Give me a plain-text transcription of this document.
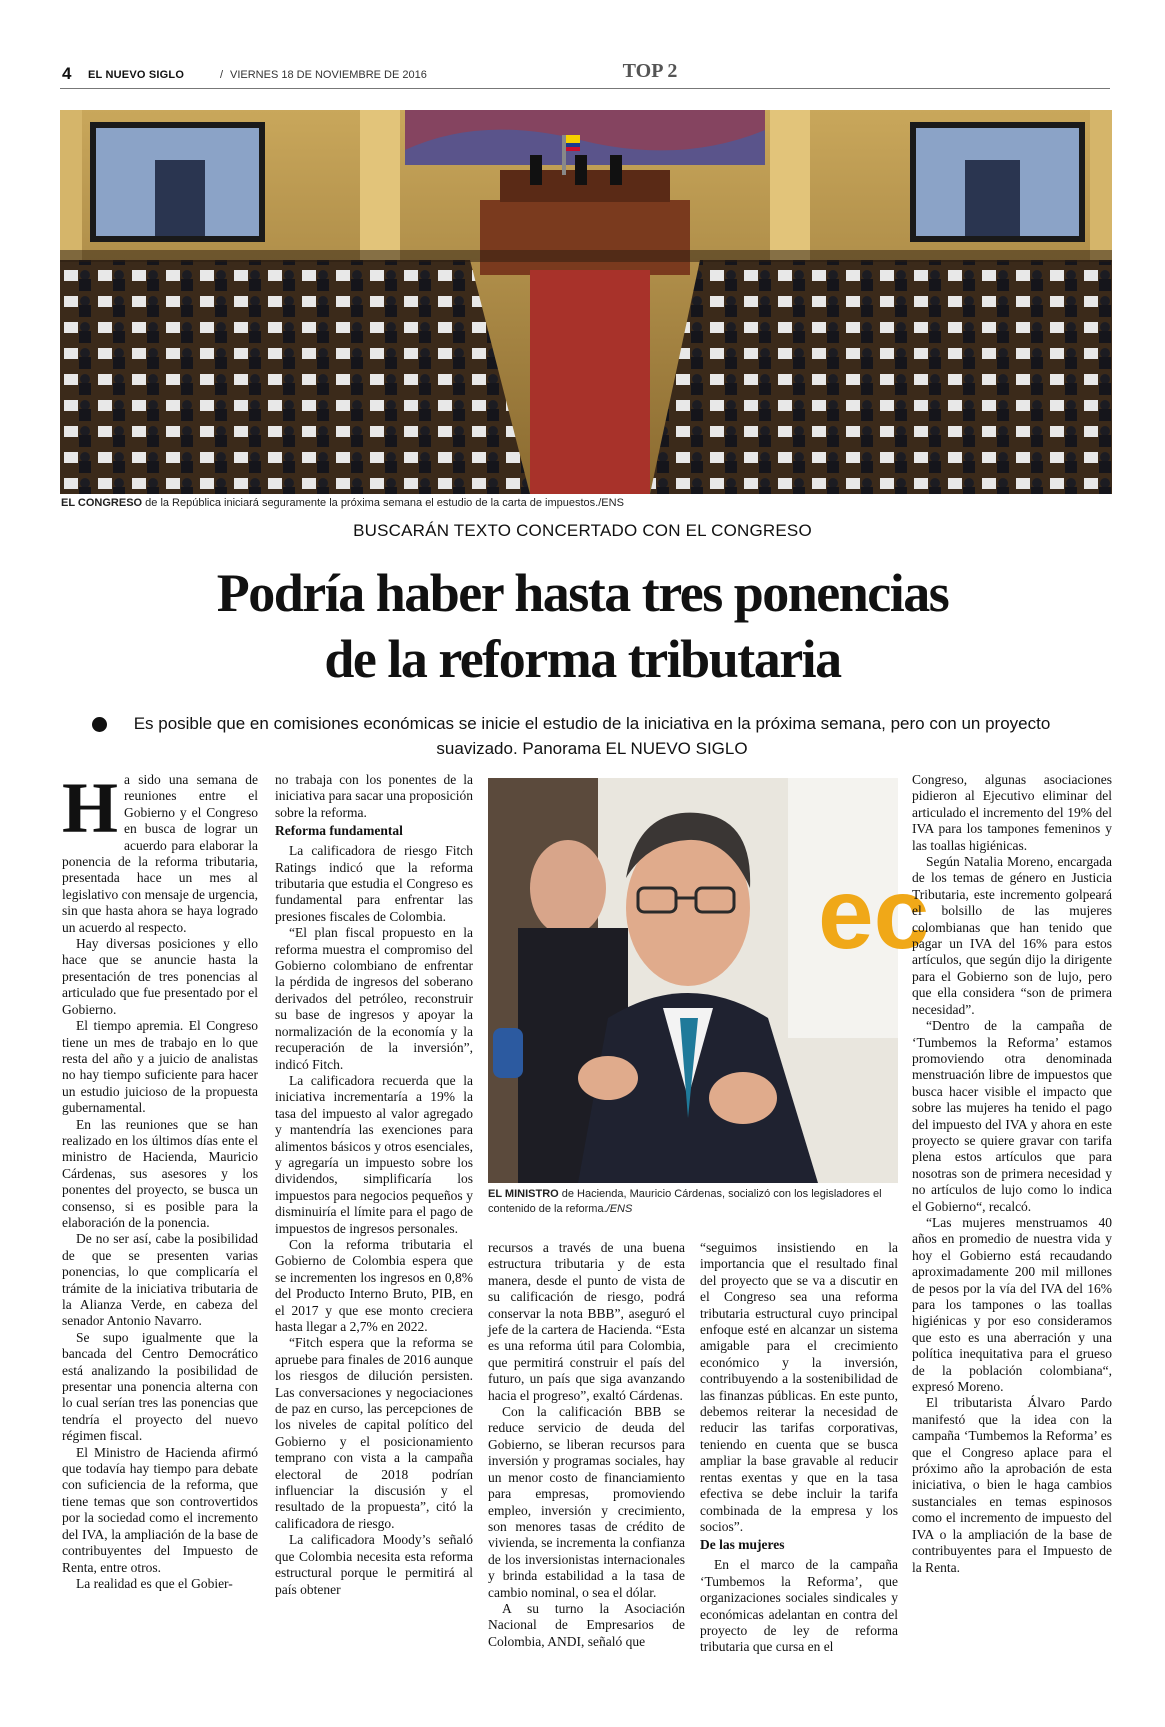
4 EL NUEVO SIGLO	/ VIERNES 18 DE NOVIEMBRE DE 2016	TOP 2
EL CONGRESO de la República iniciará seguramente la próxima semana el estudio de la carta de impuestos./ENS
BUSCARÁN TEXTO CONCERTADO CON EL CONGRESO
Podría haber hasta tres ponencias
de la reforma tributaria
Es posible que en comisiones económicas se inicie el estudio de la iniciativa en la próxima semana, pero con un proyecto suavizado. Panorama EL NUEVO SIGLO
H a sido una semana de reuniones entre el Gobierno y el Congreso en busca de lograr un acuerdo para elaborar la ponencia de la reforma tributaria, presentada hace un mes al legislativo con mensaje de urgencia, sin que hasta ahora se haya logrado un acuerdo al respecto.

Hay diversas posiciones y ello hace que se anuncie hasta la presentación de tres ponencias al articulado que fue presentado por el Gobierno.

El tiempo apremia. El Congreso tiene un mes de trabajo en lo que resta del año y a juicio de analistas no hay tiempo suficiente para hacer un estudio juicioso de la propuesta gubernamental.

En las reuniones que se han realizado en los últimos días ente el ministro de Hacienda, Mauricio Cárdenas, sus asesores y los ponentes del proyecto, se busca un consenso, si es posible para la elaboración de la ponencia.

De no ser así, cabe la posibilidad de que se presenten varias ponencias, lo que complicaría el trámite de la iniciativa tributaria de la Alianza Verde, en cabeza del senador Antonio Navarro.

Se supo igualmente que la bancada del Centro Democrático está analizando la posibilidad de presentar una ponencia alterna con lo cual serían tres las ponencias que tendría el proyecto del nuevo régimen fiscal.

El Ministro de Hacienda afirmó que todavía hay tiempo para debate con suficiencia de la reforma, que tiene temas que son controvertidos por la sociedad como el incremento del IVA, la ampliación de la base de contribuyentes del Impuesto de Renta, entre otros.

La realidad es que el Gobier-

no trabaja con los ponentes de la iniciativa para sacar una proposición sobre la reforma.

Reforma fundamental

La calificadora de riesgo Fitch Ratings indicó que la reforma tributaria que estudia el Congreso es fundamental para enfrentar las presiones fiscales de Colombia.

“El plan fiscal propuesto en la reforma muestra el compromiso del Gobierno colombiano de enfrentar la pérdida de ingresos del soberano derivados del petróleo, reconstruir su base de ingresos y apoyar la normalización de la economía y la recuperación de la inversión”, indicó Fitch.

La calificadora recuerda que la iniciativa incrementaría a 19% la tasa del impuesto al valor agregado y mantendría las exenciones para alimentos básicos y otros esenciales, y agregaría un impuesto sobre los dividendos, simplificaría los impuestos para negocios pequeños y disminuiría el límite para el pago de impuestos de ingresos personales.

Con la reforma tributaria el Gobierno de Colombia espera que se incrementen los ingresos en 0,8% del Producto Interno Bruto, PIB, en el 2017 y que ese monto creciera hasta llegar a 2,7% en 2022.

“Fitch espera que la reforma se apruebe para finales de 2016 aunque los riesgos de dilución persisten. Las conversaciones y negociaciones de paz en curso, las percepciones de los niveles de capital político del Gobierno y el posicionamiento temprano con vista a la campaña electoral de 2018 podrían influenciar la discusión y el resultado de la propuesta”, citó la calificadora de riesgo.

La calificadora Moody’s señaló que Colombia necesita esta reforma estructural porque le permitirá al país obtener

ec
EL MINISTRO de Hacienda, Mauricio Cárdenas, socializó con los legisladores el contenido de la reforma./ENS

recursos a través de una buena estructura tributaria y de esta manera, desde el punto de vista de su calificación de riesgo, podrá conservar la nota BBB”, aseguró el jefe de la cartera de Hacienda. “Esta es una reforma útil para Colombia, que permitirá construir el país del futuro, un país que siga avanzando hacia el progreso”, exaltó Cárdenas.

Con la calificación BBB se reduce servicio de deuda del Gobierno, se liberan recursos para inversión y programas sociales, hay un menor costo de financiamiento para empresas, promoviendo empleo, inversión y crecimiento, son menores tasas de crédito de vivienda, se incrementa la confianza de los inversionistas internacionales y brinda estabilidad a la tasa de cambio nominal, o sea el dólar.

A su turno la Asociación Nacional de Empresarios de Colombia, ANDI, señaló que

“seguimos insistiendo en la importancia que el resultado final del proyecto que se va a discutir en el Congreso sea una reforma tributaria estructural cuyo principal enfoque esté en alcanzar un sistema amigable para el crecimiento económico y la inversión, contribuyendo a la sostenibilidad de las finanzas públicas. En este punto, debemos reiterar la necesidad de reducir las tarifas corporativas, teniendo en cuenta que se busca ampliar la base gravable al reducir rentas exentas y que en la tasa efectiva se debe incluir la tarifa combinada de la empresa y los socios”.

De las mujeres

En el marco de la campaña ‘Tumbemos la Reforma’, que organizaciones sociales sindicales y económicas adelantan en contra del proyecto de ley de reforma tributaria que cursa en el

Congreso, algunas asociaciones pidieron al Ejecutivo eliminar del articulado el incremento del 19% del IVA para los tampones femeninos y las toallas higiénicas.

Según Natalia Moreno, encargada de los temas de género en Justicia Tributaria, este incremento golpeará el bolsillo de las mujeres colombianas que han tenido que pagar un IVA del 16% para estos artículos, que según dijo la dirigente para el Gobierno son de lujo, pero que ella considera “son de primera necesidad”.

“Dentro de la campaña de ‘Tumbemos la Reforma’ estamos promoviendo otra denominada menstruación libre de impuestos que busca hacer visible el impacto que sobre las mujeres ha tenido el pago del impuesto del IVA y ahora en este proyecto se quiere gravar con tarifa plena estos artículos que para nosotras son de primera necesidad y no artículos de lujo como lo indica el Gobierno“, recalcó.

“Las mujeres menstruamos 40 años en promedio de nuestra vida y hoy el Gobierno está recaudando aproximadamente 200 mil millones de pesos por la vía del IVA del 16% para los tampones o las toallas higiénicas y por eso consideramos que esto es una aberración y una política inequitativa para el grueso de la población colombiana“, expresó Moreno.

El tributarista Álvaro Pardo manifestó que la idea con la campaña ‘Tumbemos la Reforma’ es que el Congreso aplace para el próximo año la aprobación de esta iniciativa, o bien le haga cambios sustanciales en temas espinosos como el incremento de impuesto del IVA o la ampliación de la base de contribuyentes para el Impuesto de la Renta.
